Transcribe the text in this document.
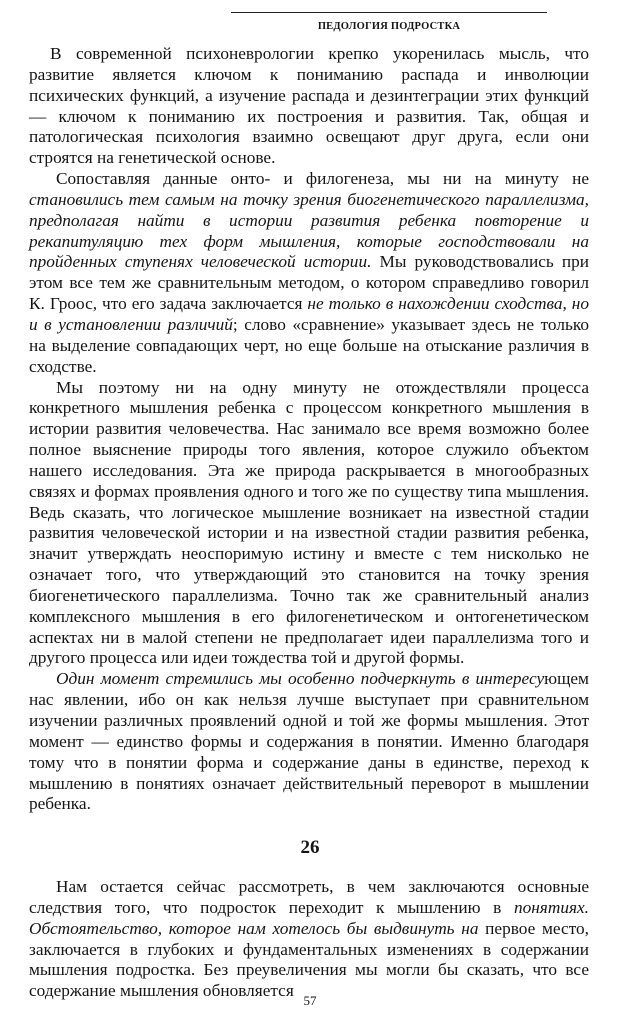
ПЕДОЛОГИЯ ПОДРОСТКА

В современной психоневрологии крепко укоренилась мысль, что развитие является ключом к пониманию распада и инволюции психических функций, а изучение распада и дезинтеграции этих функций — ключом к пониманию их построения и развития. Так, общая и патологическая психология взаимно освещают друг друга, если они строятся на генетической основе.

Сопоставляя данные онто- и филогенеза, мы ни на минуту не становились тем самым на точку зрения биогенетического параллелизма, предполагая найти в истории развития ребенка повторение и рекапитуляцию тех форм мышления, которые господствовали на пройденных ступенях человеческой истории. Мы руководствовались при этом все тем же сравнительным методом, о котором справедливо говорил К. Гроос, что его задача заключается не только в нахождении сходства, но и в установлении различий; слово «сравнение» указывает здесь не только на выделение совпадающих черт, но еще больше на отыскание различия в сходстве.

Мы поэтому ни на одну минуту не отождествляли процесса конкретного мышления ребенка с процессом конкретного мышления в истории развития человечества. Нас занимало все время возможно более полное выяснение природы того явления, которое служило объектом нашего исследования. Эта же природа раскрывается в многообразных связях и формах проявления одного и того же по существу типа мышления. Ведь сказать, что логическое мышление возникает на известной стадии развития человеческой истории и на известной стадии развития ребенка, значит утверждать неоспоримую истину и вместе с тем нисколько не означает того, что утверждающий это становится на точку зрения биогенетического параллелизма. Точно так же сравнительный анализ комплексного мышления в его филогенетическом и онтогенетическом аспектах ни в малой степени не предполагает идеи параллелизма того и другого процесса или идеи тождества той и другой формы.

Один момент стремились мы особенно подчеркнуть в интересующем нас явлении, ибо он как нельзя лучше выступает при сравнительном изучении различных проявлений одной и той же формы мышления. Этот момент — единство формы и содержания в понятии. Именно благодаря тому что в понятии форма и содержание даны в единстве, переход к мышлению в понятиях означает действительный переворот в мышлении ребенка.

26

Нам остается сейчас рассмотреть, в чем заключаются основные следствия того, что подросток переходит к мышлению в понятиях. Обстоятельство, которое нам хотелось бы выдвинуть на первое место, заключается в глубоких и фундаментальных изменениях в содержании мышления подростка. Без преувеличения мы могли бы сказать, что все содержание мышления обновляется

57
